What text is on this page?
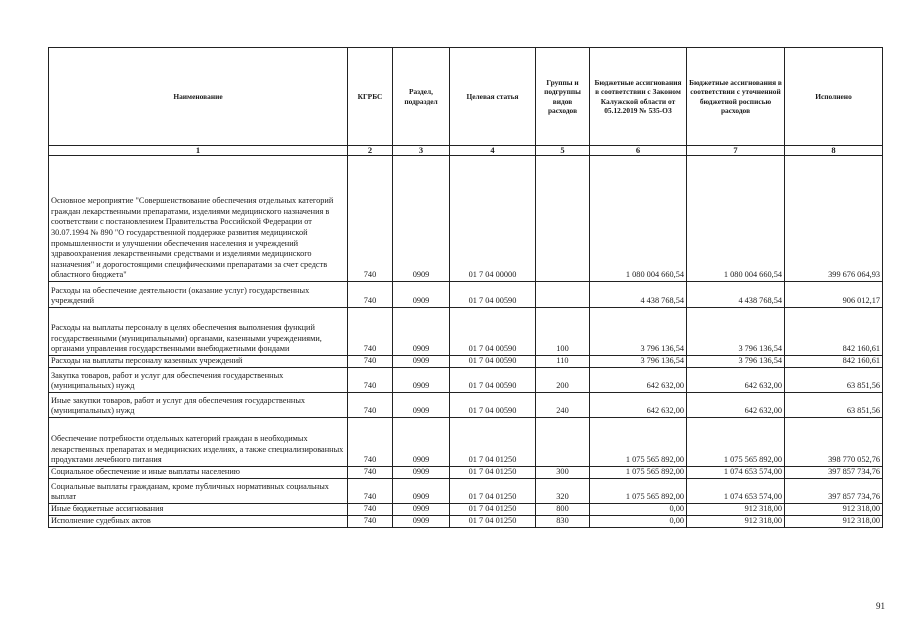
Наименование	КГРБС	Раздел, подраздел	Целевая статья	Группы и подгруппы видов расходов	Бюджетные ассигнования в соответствии с Законом Калужской области от 05.12.2019 № 535-ОЗ	Бюджетные ассигнования в соответствии с уточненной бюджетной росписью расходов	Исполнено
1	2	3	4	5	6	7	8
Основное мероприятие "Совершенствование обеспечения отдельных категорий граждан лекарственными препаратами, изделиями медицинского назначения в соответствии с постановлением Правительства Российской Федерации от 30.07.1994 № 890 "О государственной поддержке развития медицинской промышленности и улучшении обеспечения населения и учреждений здравоохранения лекарственными средствами и изделиями медицинского назначения" и дорогостоящими специфическими препаратами за счет средств областного бюджета"	740	0909	01 7 04 00000		1 080 004 660,54	1 080 004 660,54	399 676 064,93
Расходы на обеспечение деятельности (оказание услуг) государственных учреждений	740	0909	01 7 04 00590		4 438 768,54	4 438 768,54	906 012,17
Расходы на выплаты персоналу в целях обеспечения выполнения функций государственными (муниципальными) органами, казенными учреждениями, органами управления государственными внебюджетными фондами	740	0909	01 7 04 00590	100	3 796 136,54	3 796 136,54	842 160,61
Расходы на выплаты персоналу казенных учреждений	740	0909	01 7 04 00590	110	3 796 136,54	3 796 136,54	842 160,61
Закупка товаров, работ и услуг для обеспечения государственных (муниципальных) нужд	740	0909	01 7 04 00590	200	642 632,00	642 632,00	63 851,56
Иные закупки товаров, работ и услуг для обеспечения государственных (муниципальных) нужд	740	0909	01 7 04 00590	240	642 632,00	642 632,00	63 851,56
Обеспечение потребности отдельных категорий граждан в необходимых лекарственных препаратах и медицинских изделиях, а также специализированных продуктами лечебного питания	740	0909	01 7 04 01250		1 075 565 892,00	1 075 565 892,00	398 770 052,76
Социальное обеспечение и иные выплаты населению	740	0909	01 7 04 01250	300	1 075 565 892,00	1 074 653 574,00	397 857 734,76
Социальные выплаты гражданам, кроме публичных нормативных социальных выплат	740	0909	01 7 04 01250	320	1 075 565 892,00	1 074 653 574,00	397 857 734,76
Иные бюджетные ассигнования	740	0909	01 7 04 01250	800	0,00	912 318,00	912 318,00
Исполнение судебных актов	740	0909	01 7 04 01250	830	0,00	912 318,00	912 318,00
91
